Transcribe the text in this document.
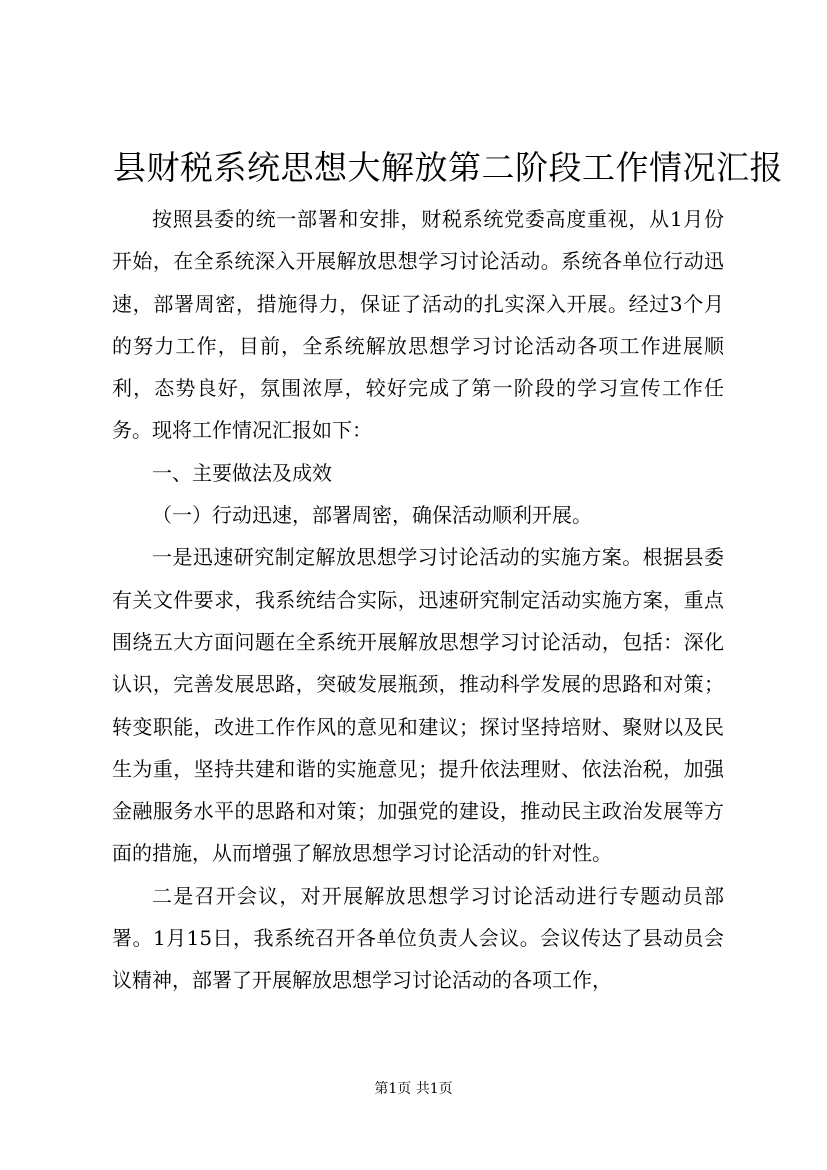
县财税系统思想大解放第二阶段工作情况汇报

按照县委的统一部署和安排，财税系统党委高度重视，从1月份开始，在全系统深入开展解放思想学习讨论活动。系统各单位行动迅速，部署周密，措施得力，保证了活动的扎实深入开展。经过3个月的努力工作，目前，全系统解放思想学习讨论活动各项工作进展顺利，态势良好，氛围浓厚，较好完成了第一阶段的学习宣传工作任务。现将工作情况汇报如下：

一、主要做法及成效

（一）行动迅速，部署周密，确保活动顺利开展。

一是迅速研究制定解放思想学习讨论活动的实施方案。根据县委有关文件要求，我系统结合实际，迅速研究制定活动实施方案，重点围绕五大方面问题在全系统开展解放思想学习讨论活动，包括：深化认识，完善发展思路，突破发展瓶颈，推动科学发展的思路和对策；转变职能，改进工作作风的意见和建议；探讨坚持培财、聚财以及民生为重，坚持共建和谐的实施意见；提升依法理财、依法治税，加强金融服务水平的思路和对策；加强党的建设，推动民主政治发展等方面的措施，从而增强了解放思想学习讨论活动的针对性。

二是召开会议，对开展解放思想学习讨论活动进行专题动员部署。1月15日，我系统召开各单位负责人会议。会议传达了县动员会议精神，部署了开展解放思想学习讨论活动的各项工作，

第1页 共1页
